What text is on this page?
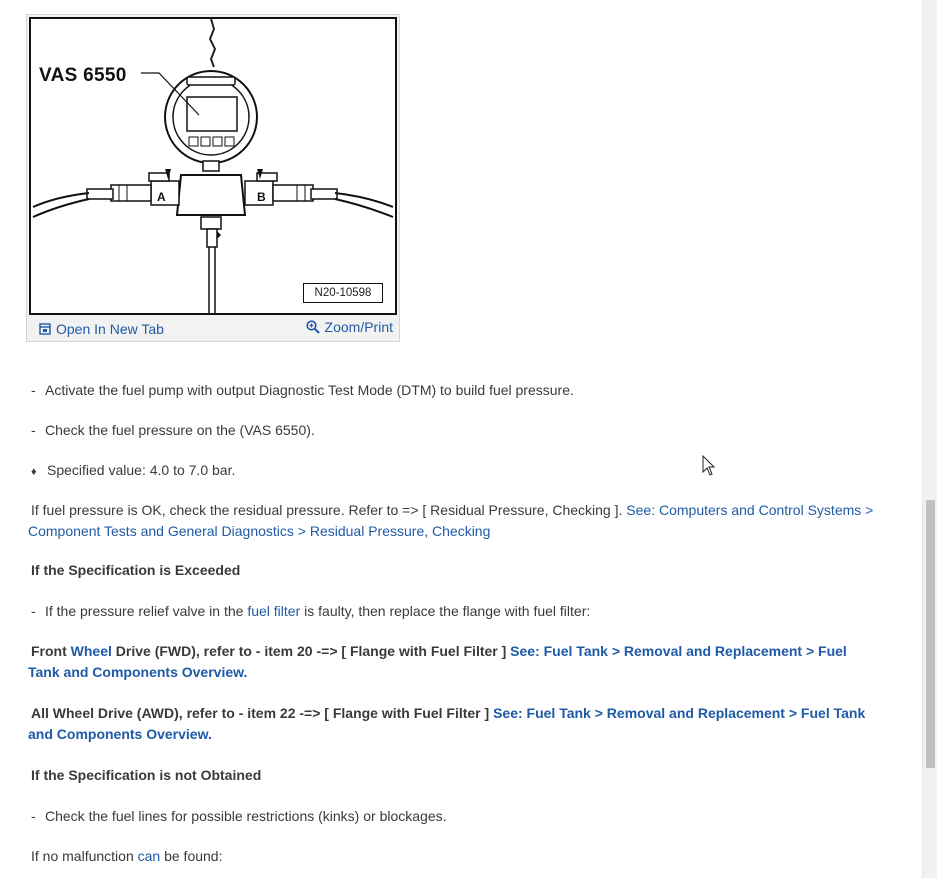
VAS 6550
A	B
N20-10598
Open In New Tab	Zoom/Print
- Activate the fuel pump with output Diagnostic Test Mode (DTM) to build fuel pressure.
- Check the fuel pressure on the (VAS 6550).
♦ Specified value: 4.0 to 7.0 bar.
If fuel pressure is OK, check the residual pressure. Refer to => [ Residual Pressure, Checking ]. See: Computers and Control Systems > Component Tests and General Diagnostics > Residual Pressure, Checking
If the Specification is Exceeded
- If the pressure relief valve in the fuel filter is faulty, then replace the flange with fuel filter:
Front Wheel Drive (FWD), refer to - item 20 -=> [ Flange with Fuel Filter ] See: Fuel Tank > Removal and Replacement > Fuel Tank and Components Overview.
All Wheel Drive (AWD), refer to - item 22 -=> [ Flange with Fuel Filter ] See: Fuel Tank > Removal and Replacement > Fuel Tank and Components Overview.
If the Specification is not Obtained
- Check the fuel lines for possible restrictions (kinks) or blockages.
If no malfunction can be found:
